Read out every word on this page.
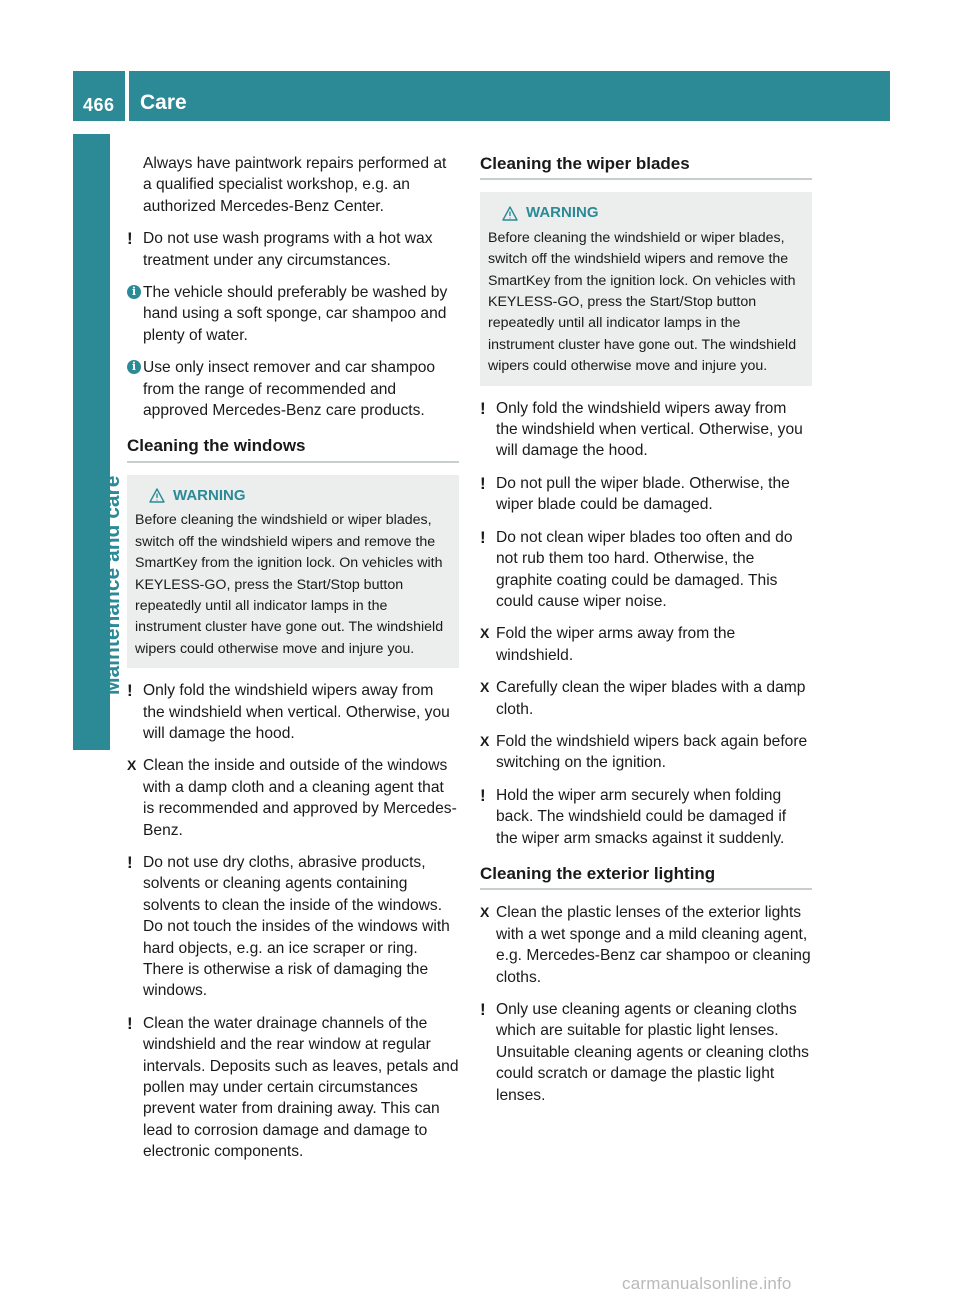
466 Care
Maintenance and care
Always have paintwork repairs performed at a qualified specialist workshop, e.g. an authorized Mercedes-Benz Center.
! Do not use wash programs with a hot wax treatment under any circumstances.
i The vehicle should preferably be washed by hand using a soft sponge, car shampoo and plenty of water.
i Use only insect remover and car shampoo from the range of recommended and approved Mercedes-Benz care products.
Cleaning the windows
WARNING
Before cleaning the windshield or wiper blades, switch off the windshield wipers and remove the SmartKey from the ignition lock. On vehicles with KEYLESS-GO, press the Start/Stop button repeatedly until all indicator lamps in the instrument cluster have gone out. The windshield wipers could otherwise move and injure you.
! Only fold the windshield wipers away from the windshield when vertical. Otherwise, you will damage the hood.
X Clean the inside and outside of the windows with a damp cloth and a cleaning agent that is recommended and approved by Mercedes-Benz.
! Do not use dry cloths, abrasive products, solvents or cleaning agents containing solvents to clean the inside of the windows. Do not touch the insides of the windows with hard objects, e.g. an ice scraper or ring. There is otherwise a risk of damaging the windows.
! Clean the water drainage channels of the windshield and the rear window at regular intervals. Deposits such as leaves, petals and pollen may under certain circumstances prevent water from draining away. This can lead to corrosion damage and damage to electronic components.
Cleaning the wiper blades
WARNING
Before cleaning the windshield or wiper blades, switch off the windshield wipers and remove the SmartKey from the ignition lock. On vehicles with KEYLESS-GO, press the Start/Stop button repeatedly until all indicator lamps in the instrument cluster have gone out. The windshield wipers could otherwise move and injure you.
! Only fold the windshield wipers away from the windshield when vertical. Otherwise, you will damage the hood.
! Do not pull the wiper blade. Otherwise, the wiper blade could be damaged.
! Do not clean wiper blades too often and do not rub them too hard. Otherwise, the graphite coating could be damaged. This could cause wiper noise.
X Fold the wiper arms away from the windshield.
X Carefully clean the wiper blades with a damp cloth.
X Fold the windshield wipers back again before switching on the ignition.
! Hold the wiper arm securely when folding back. The windshield could be damaged if the wiper arm smacks against it suddenly.
Cleaning the exterior lighting
X Clean the plastic lenses of the exterior lights with a wet sponge and a mild cleaning agent, e.g. Mercedes-Benz car shampoo or cleaning cloths.
! Only use cleaning agents or cleaning cloths which are suitable for plastic light lenses. Unsuitable cleaning agents or cleaning cloths could scratch or damage the plastic light lenses.
carmanualsonline.info
